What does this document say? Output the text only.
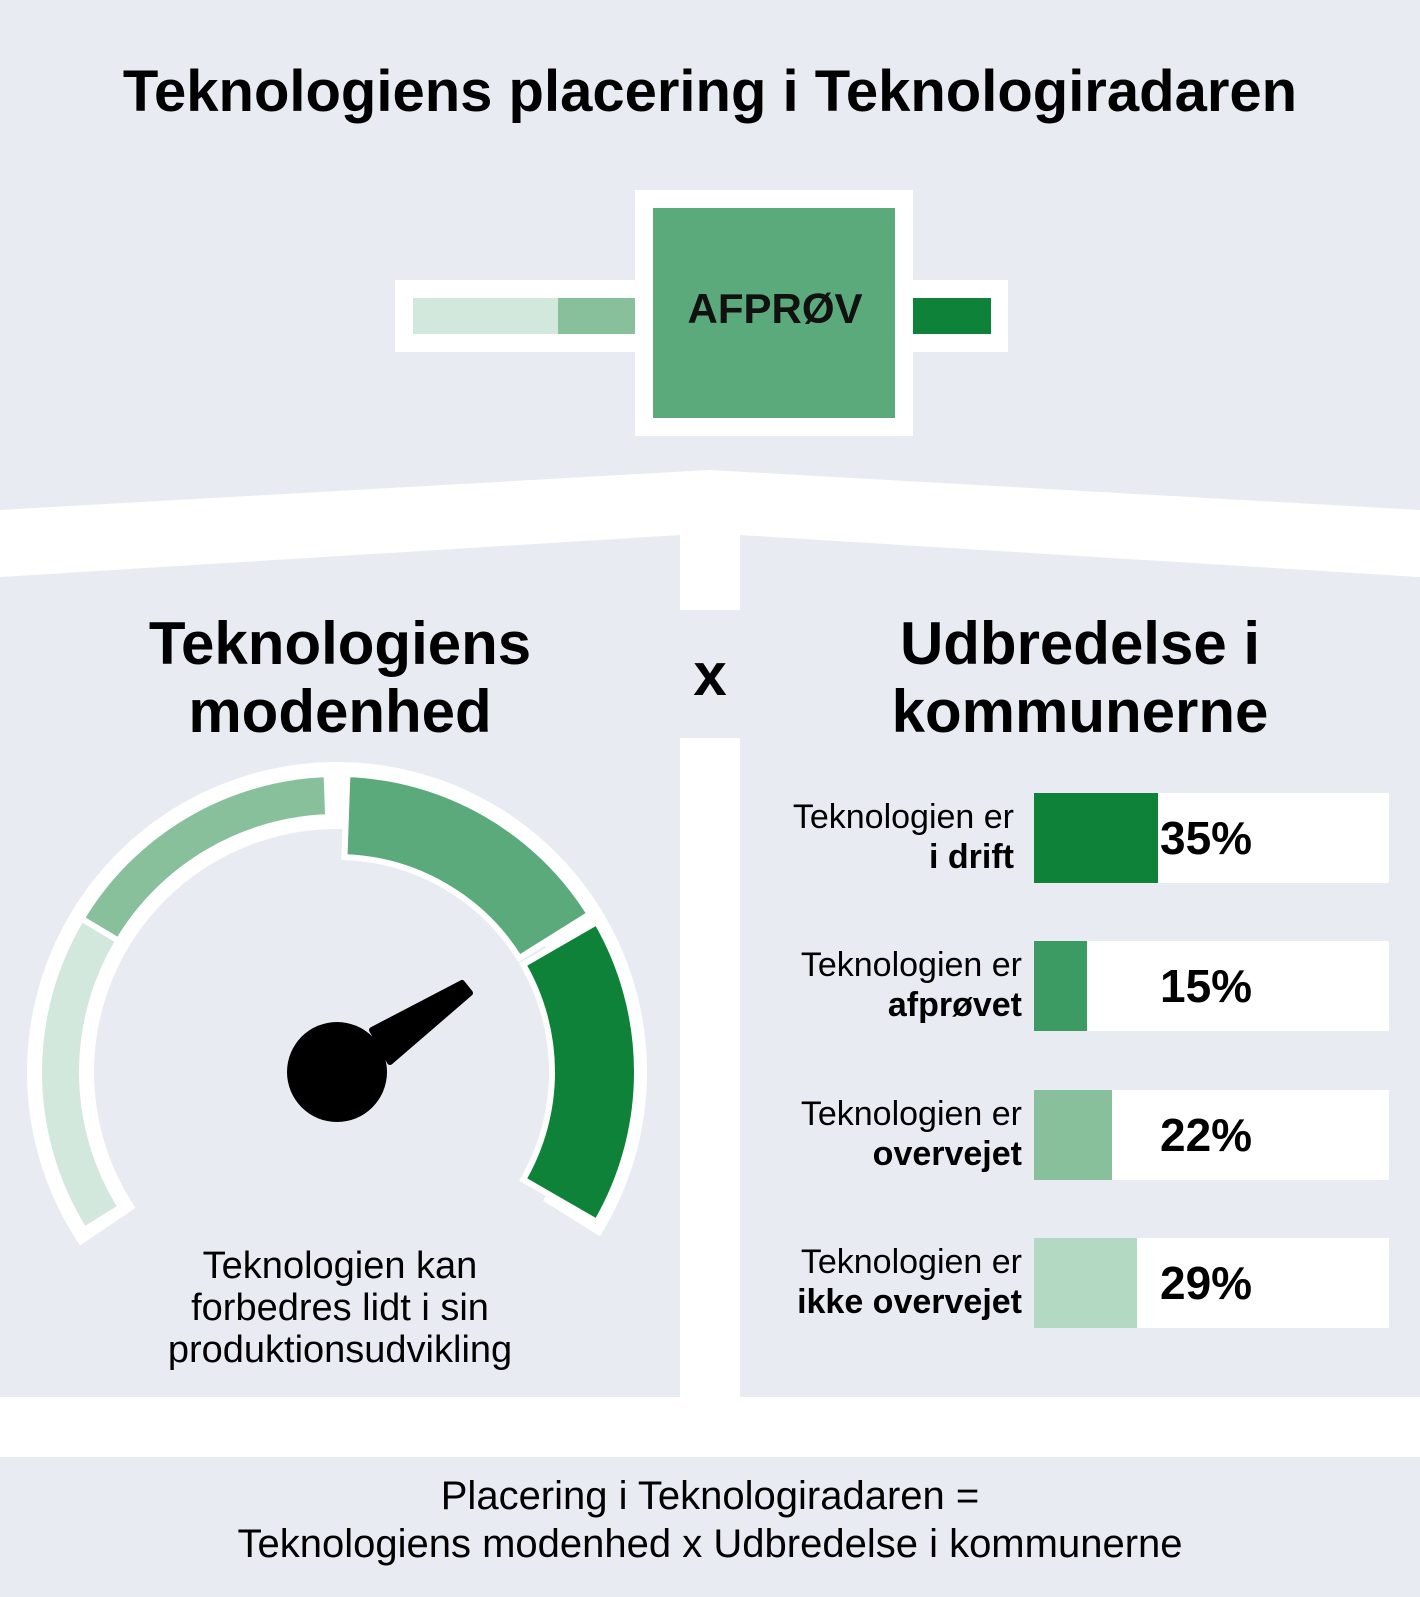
Teknologiens placering i Teknologiradaren
AFPRØV
Teknologiens
modenhed
x
Teknologien kan
forbedres lidt i sin
produktionsudvikling
Udbredelse i
kommunerne
Teknologien er
i drift	35%
Teknologien er
afprøvet	15%
Teknologien er
overvejet	22%
Teknologien er
ikke overvejet	29%
Placering i Teknologiradaren =
Teknologiens modenhed x Udbredelse i kommunerne
